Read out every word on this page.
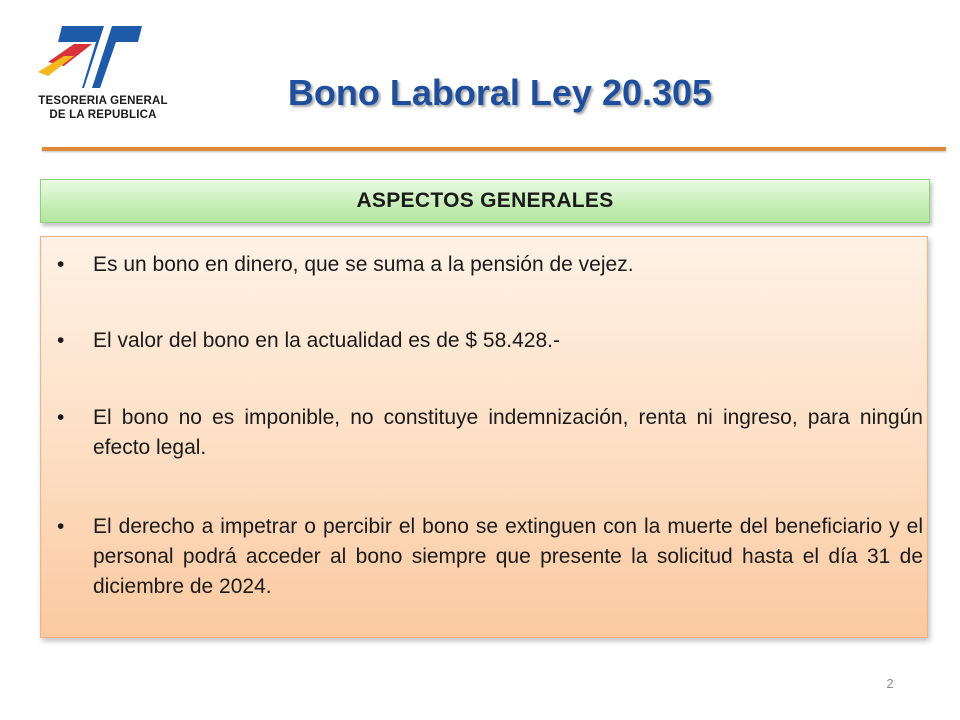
TESORERIA GENERAL
DE LA REPUBLICA
Bono Laboral Ley 20.305
ASPECTOS GENERALES
• Es un bono en dinero, que se suma a la pensión de vejez.
• El valor del bono en la actualidad es de $ 58.428.-
• El bono no es imponible, no constituye indemnización, renta ni ingreso, para ningún efecto legal.
• El derecho a impetrar o percibir el bono se extinguen con la muerte del beneficiario y el personal podrá acceder al bono siempre que presente la solicitud hasta el día 31 de diciembre de 2024.
2
